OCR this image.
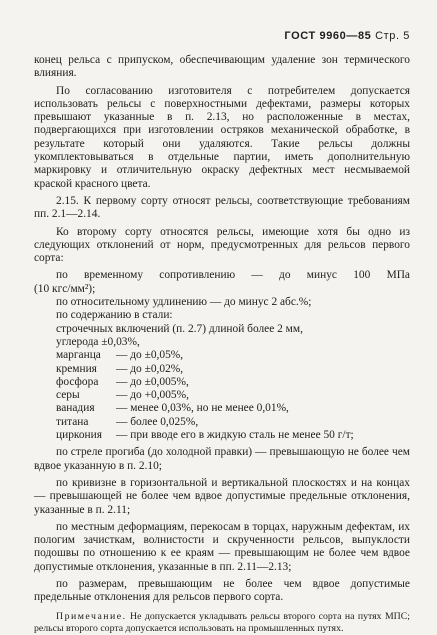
ГОСТ 9960—85 Стр. 5

конец рельса с припуском, обеспечивающим удаление зон термического влияния.

По согласованию изготовителя с потребителем допускается использовать рельсы с поверхностными дефектами, размеры которых превышают указанные в п. 2.13, но расположенные в местах, подвергающихся при изготовлении остряков механической обработке, в результате который они удаляются. Такие рельсы должны укомплектовываться в отдельные партии, иметь дополнительную маркировку и отличительную окраску дефектных мест несмываемой краской красного цвета.

2.15. К первому сорту относят рельсы, соответствующие требованиям пп. 2.1—2.14.

Ко второму сорту относятся рельсы, имеющие хотя бы одно из следующих отклонений от норм, предусмотренных для рельсов первого сорта:

по временному сопротивлению — до минус 100 МПа

(10 кгс/мм²);

по относительному удлинению — до минус 2 абс.%;

по содержанию в стали:

строчечных включений (п. 2.7) длиной более 2 мм,

углерода ±0,03%,

марганца	— до ±0,05%,
кремния	— до ±0,02%,
фосфора	— до ±0,005%,
серы	— до +0,005%,
ванадия	— менее 0,03%, но не менее 0,01%,
титана	— более 0,025%,
циркония	— при вводе его в жидкую сталь не менее 50 г/т;

по стреле прогиба (до холодной правки) — превышающую не более чем вдвое указанную в п. 2.10;

по кривизне в горизонтальной и вертикальной плоскостях и на концах — превышающей не более чем вдвое допустимые предельные отклонения, указанные в п. 2.11;

по местным деформациям, перекосам в торцах, наружным дефектам, их пологим зачисткам, волнистости и скрученности рельсов, выпуклости подошвы по отношению к ее краям — превышающим не более чем вдвое допустимые отклонения, указанные в пп. 2.11—2.13;

по размерам, превышающим не более чем вдвое допустимые предельные отклонения для рельсов первого сорта.

Примечание. Не допускается укладывать рельсы второго сорта на путях МПС; рельсы второго сорта допускается использовать на промышленных путях.
